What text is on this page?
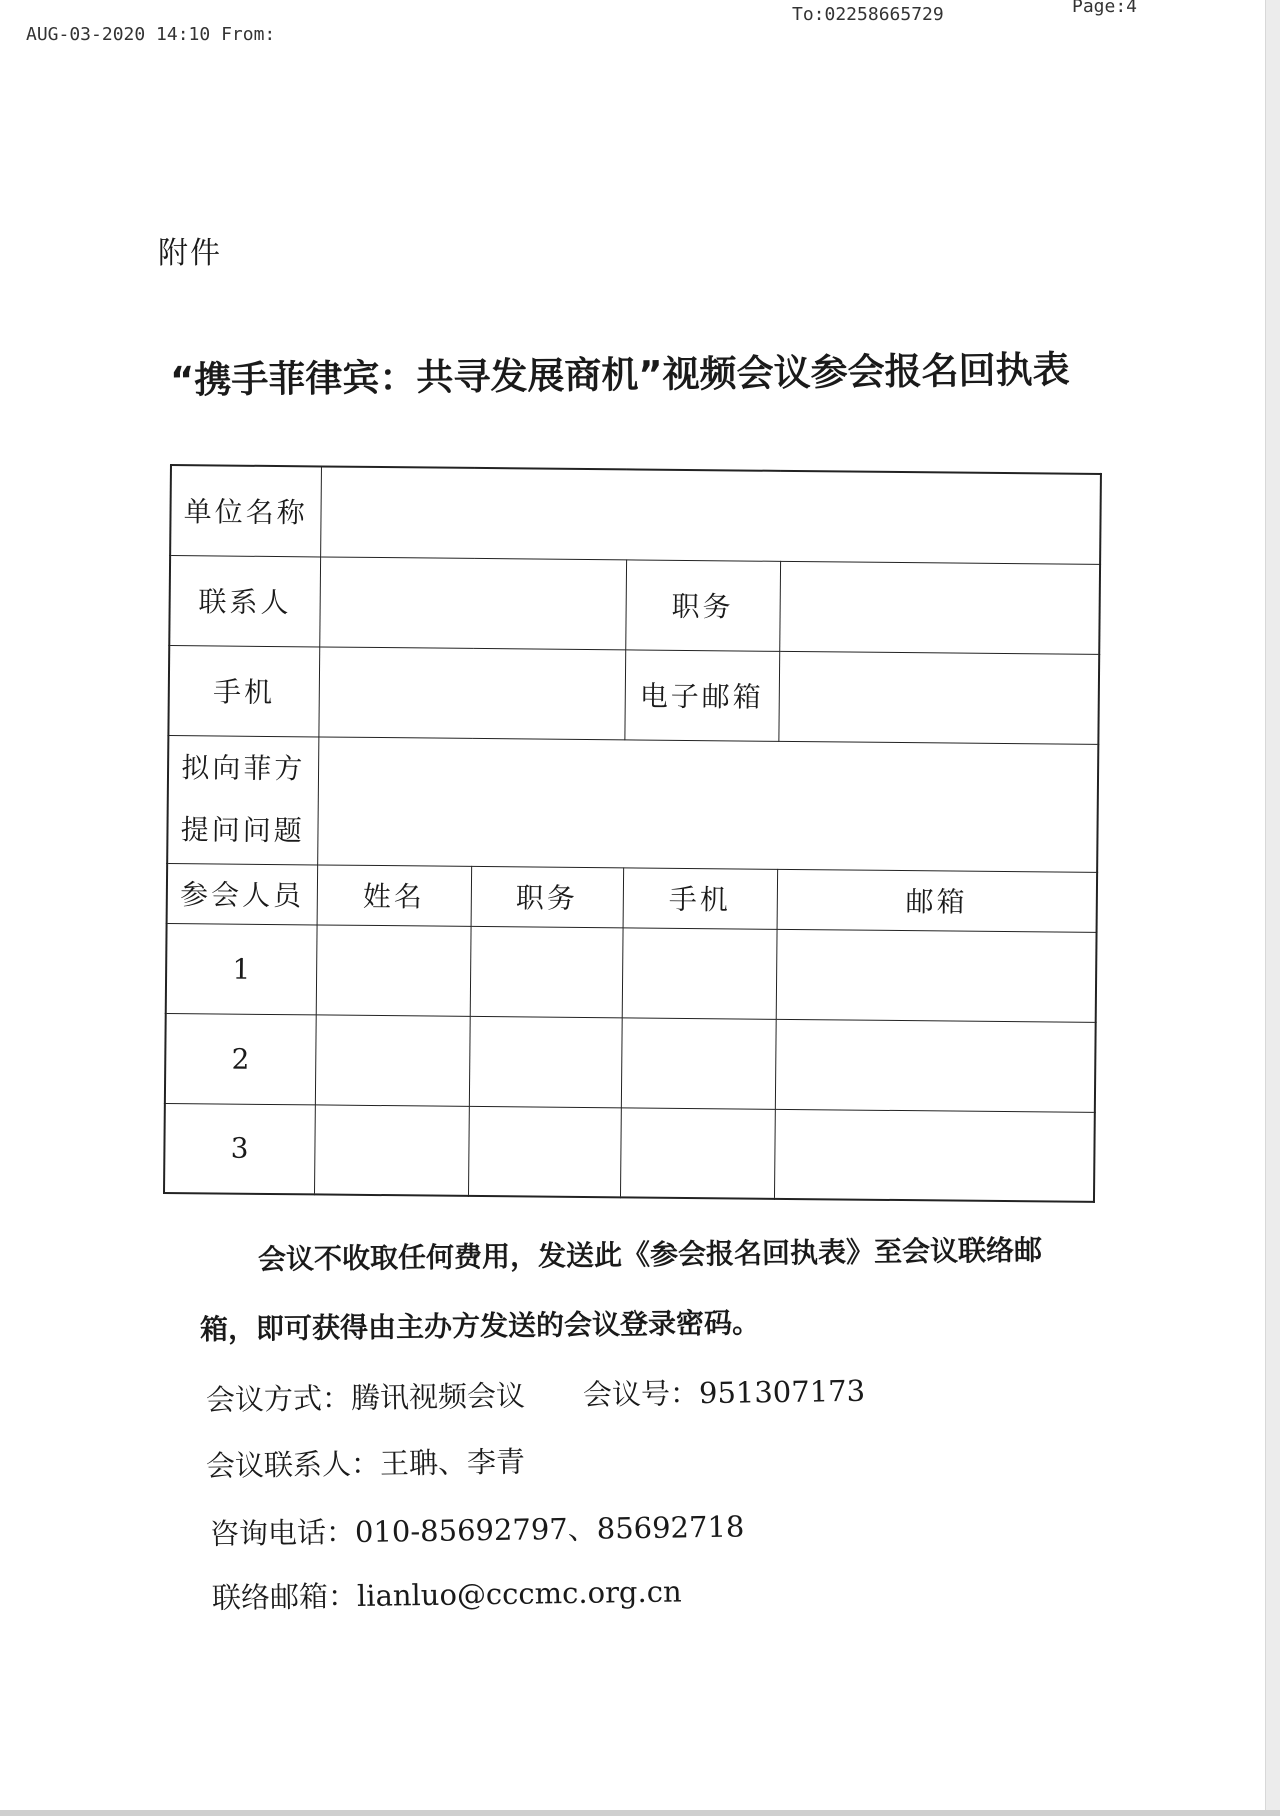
AUG-03-2020 14:10 From:
To:02258665729	Page:4
附件
“携手菲律宾：共寻发展商机”视频会议参会报名回执表
单位名称				
联系人			职务	
手机			电子邮箱	

拟向菲方
提问问题				

参会人员	姓名	职务	手机	邮箱
1				
2				
3				
会议不收取任何费用，发送此《参会报名回执表》至会议联络邮
箱，即可获得由主办方发送的会议登录密码。
会议方式：腾讯视频会议 会议号：951307173
会议联系人：王聃、李青
咨询电话：010-85692797、85692718
联络邮箱：lianluo@cccmc.org.cn
